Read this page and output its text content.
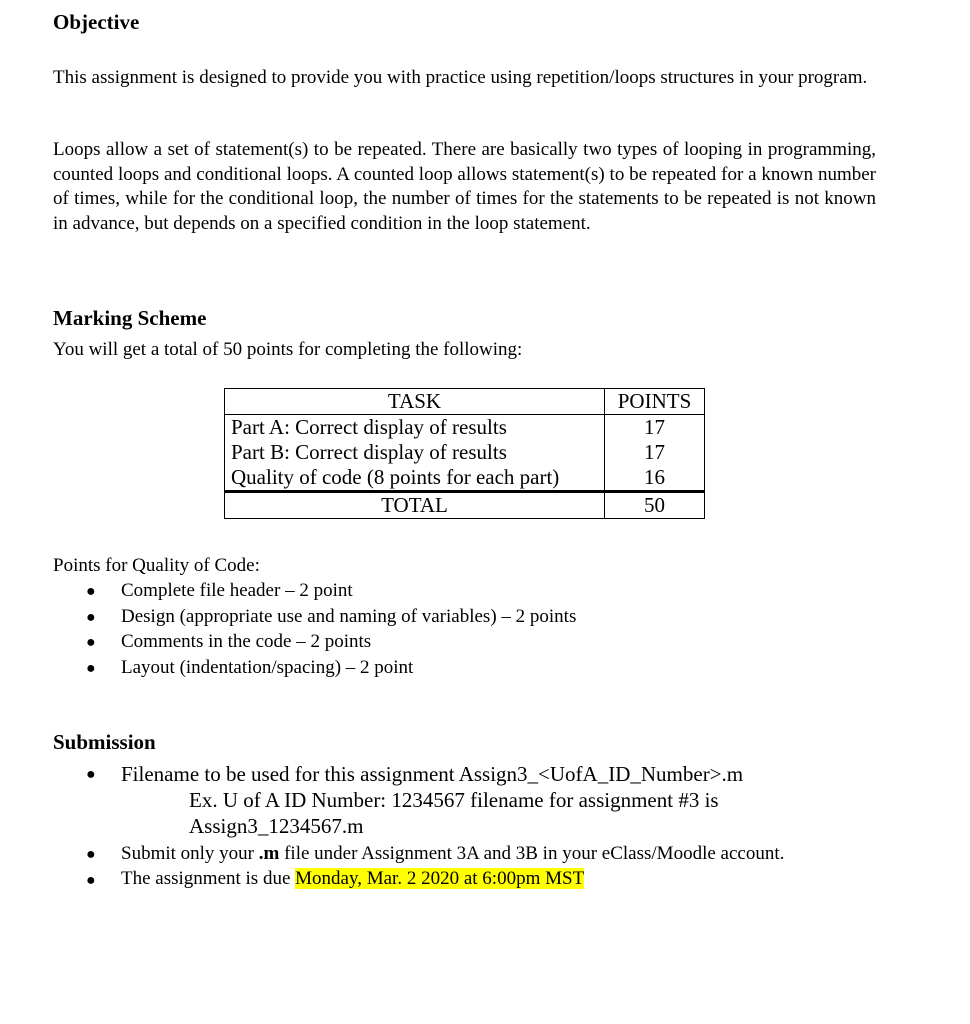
Objective
This assignment is designed to provide you with practice using repetition/loops structures in your program.
Loops allow a set of statement(s) to be repeated. There are basically two types of looping in programming, counted loops and conditional loops. A counted loop allows statement(s) to be repeated for a known number of times, while for the conditional loop, the number of times for the statements to be repeated is not known in advance, but depends on a specified condition in the loop statement.
Marking Scheme
You will get a total of 50 points for completing the following:
TASK	POINTS
Part A: Correct display of results	17
Part B: Correct display of results	17
Quality of code (8 points for each part)	16
TOTAL	50
Points for Quality of Code:
● Complete file header – 2 point
● Design (appropriate use and naming of variables) – 2 points
● Comments in the code – 2 points
● Layout (indentation/spacing) – 2 point
Submission
● Filename to be used for this assignment Assign3_<UofA_ID_Number>.m
Ex. U of A ID Number: 1234567 filename for assignment #3 is
Assign3_1234567.m
● Submit only your .m file under Assignment 3A and 3B in your eClass/Moodle account.
● The assignment is due Monday, Mar. 2 2020 at 6:00pm MST
